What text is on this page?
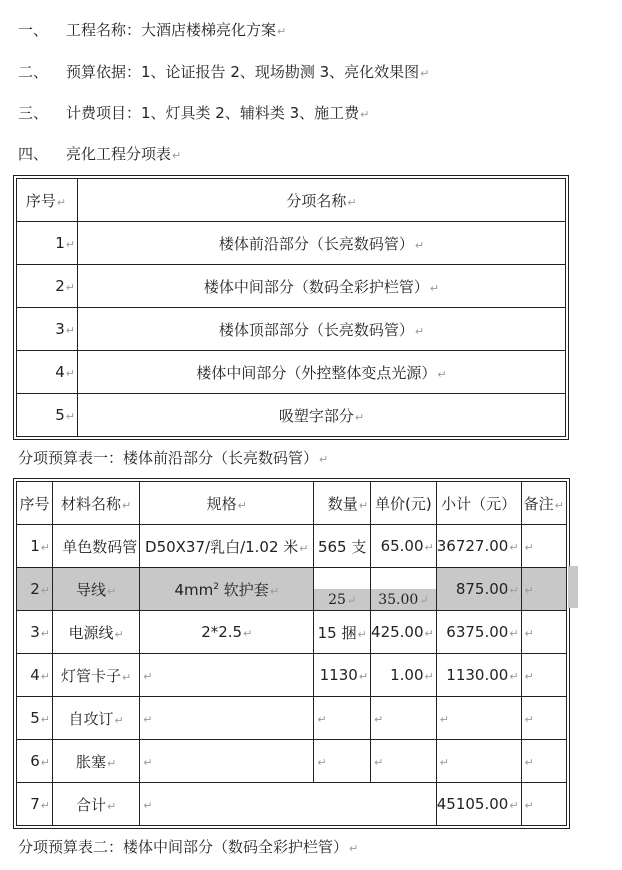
一、 工程名称：大酒店楼梯亮化方案↵
二、 预算依据：1、论证报告 2、现场勘测 3、亮化效果图↵
三、 计费项目：1、灯具类 2、辅料类 3、施工费↵
四、 亮化工程分项表↵
序号↵	分项名称↵
1↵	楼体前沿部分（长亮数码管）↵
2↵	楼体中间部分（数码全彩护栏管）↵
3↵	楼体顶部部分（长亮数码管）↵
4↵	楼体中间部分（外控整体变点光源）↵
5↵	吸塑字部分↵
分项预算表一：楼体前沿部分（长亮数码管）↵
序号	材料名称↵	规格↵	数量↵	单价(元)	小计（元）	备注↵
1↵	单色数码管	D50X37/乳白/1.02 米↵	565 支	65.00↵	36727.00↵	↵
2↵	导线↵	$4mm^2$ 软护套↵	25↵	35.00↵	875.00↵	↵
3↵	电源线↵	2*2.5↵	15 捆↵	425.00↵	6375.00↵	↵
4↵	灯管卡子↵	↵	1130↵	1.00↵	1130.00↵	↵
5↵	自攻订↵	↵	↵	↵	↵	↵
6↵	胀塞↵	↵	↵	↵	↵	↵
7↵	合计↵	↵			45105.00↵	↵
分项预算表二：楼体中间部分（数码全彩护栏管）↵
